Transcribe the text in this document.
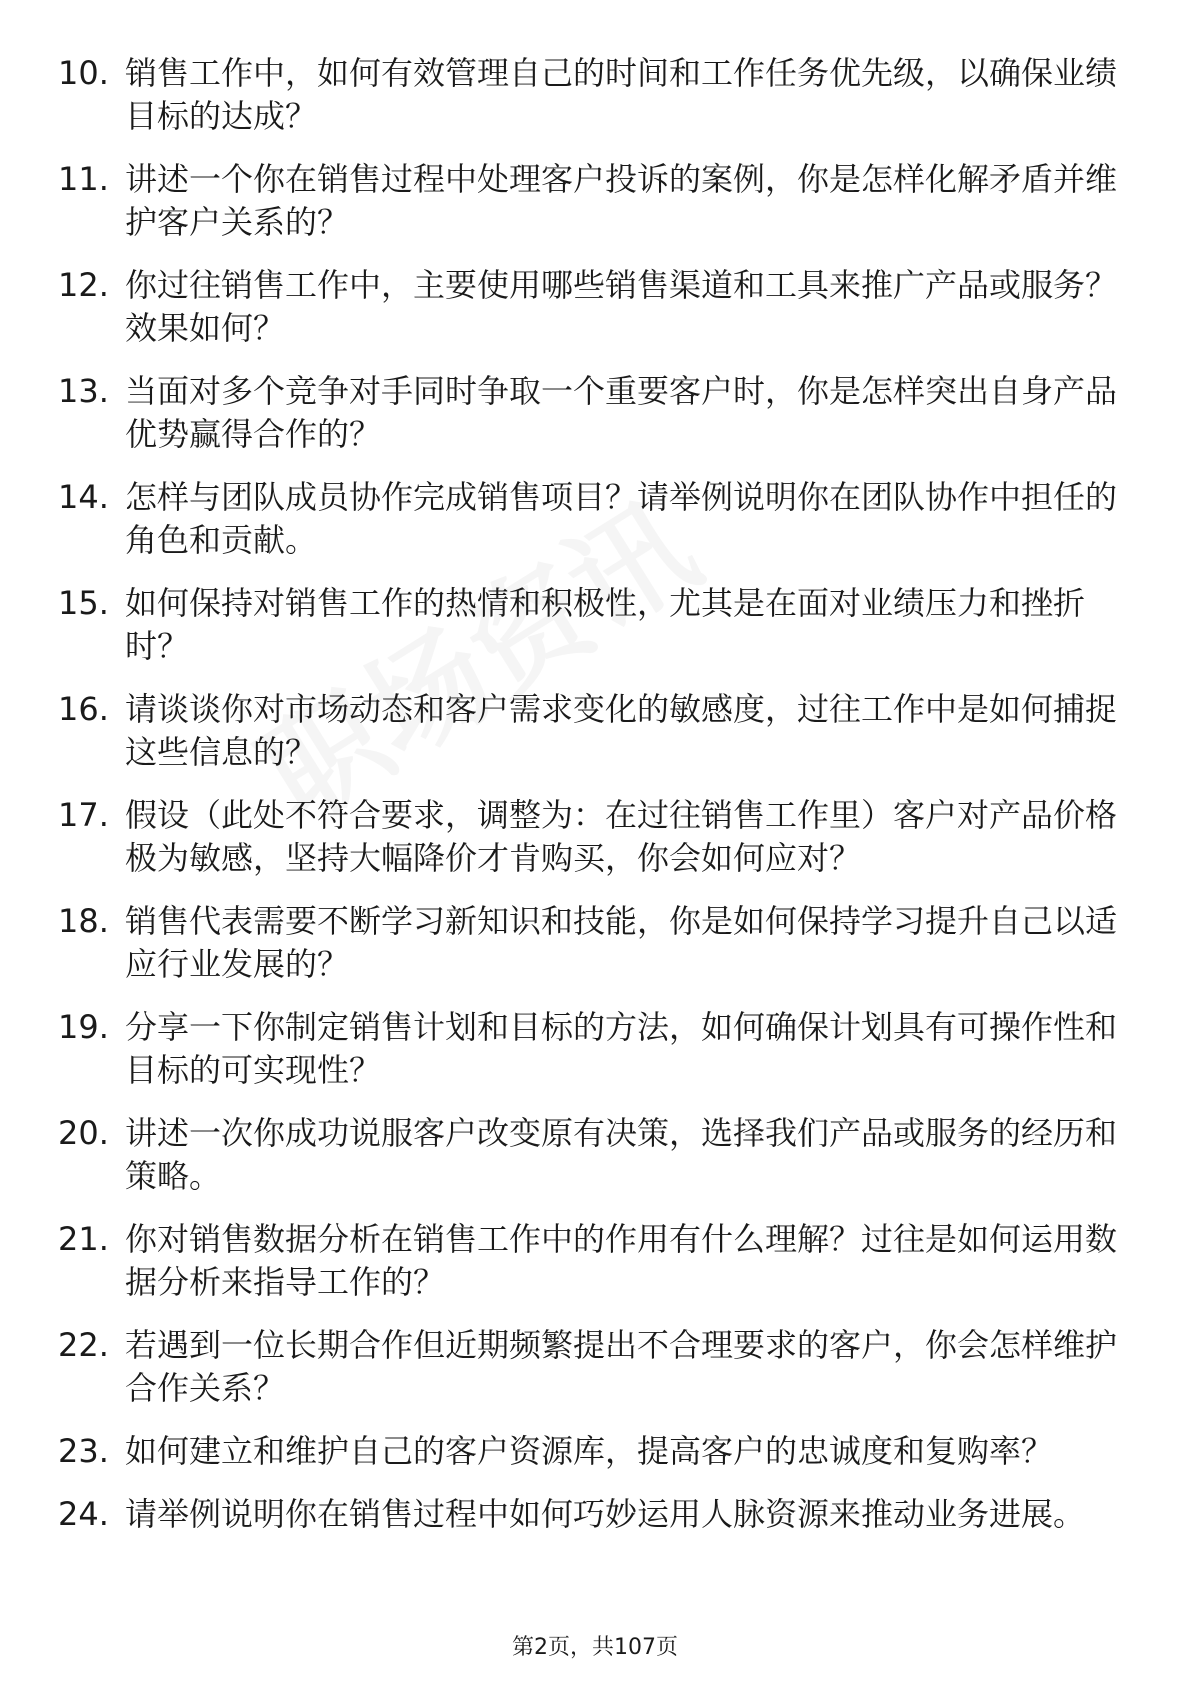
10. 销售工作中，如何有效管理自己的时间和工作任务优先级，以确保业绩目标的达成？
11. 讲述一个你在销售过程中处理客户投诉的案例，你是怎样化解矛盾并维护客户关系的？
12. 你过往销售工作中，主要使用哪些销售渠道和工具来推广产品或服务？效果如何？
13. 当面对多个竞争对手同时争取一个重要客户时，你是怎样突出自身产品优势赢得合作的？
14. 怎样与团队成员协作完成销售项目？请举例说明你在团队协作中担任的角色和贡献。
15. 如何保持对销售工作的热情和积极性，尤其是在面对业绩压力和挫折时？
16. 请谈谈你对市场动态和客户需求变化的敏感度，过往工作中是如何捕捉这些信息的？
17. 假设（此处不符合要求，调整为：在过往销售工作里）客户对产品价格极为敏感，坚持大幅降价才肯购买，你会如何应对？
18. 销售代表需要不断学习新知识和技能，你是如何保持学习提升自己以适应行业发展的？
19. 分享一下你制定销售计划和目标的方法，如何确保计划具有可操作性和目标的可实现性？
20. 讲述一次你成功说服客户改变原有决策，选择我们产品或服务的经历和策略。
21. 你对销售数据分析在销售工作中的作用有什么理解？过往是如何运用数据分析来指导工作的？
22. 若遇到一位长期合作但近期频繁提出不合理要求的客户，你会怎样维护合作关系？
23. 如何建立和维护自己的客户资源库，提高客户的忠诚度和复购率？
24. 请举例说明你在销售过程中如何巧妙运用人脉资源来推动业务进展。
第2页，共107页
